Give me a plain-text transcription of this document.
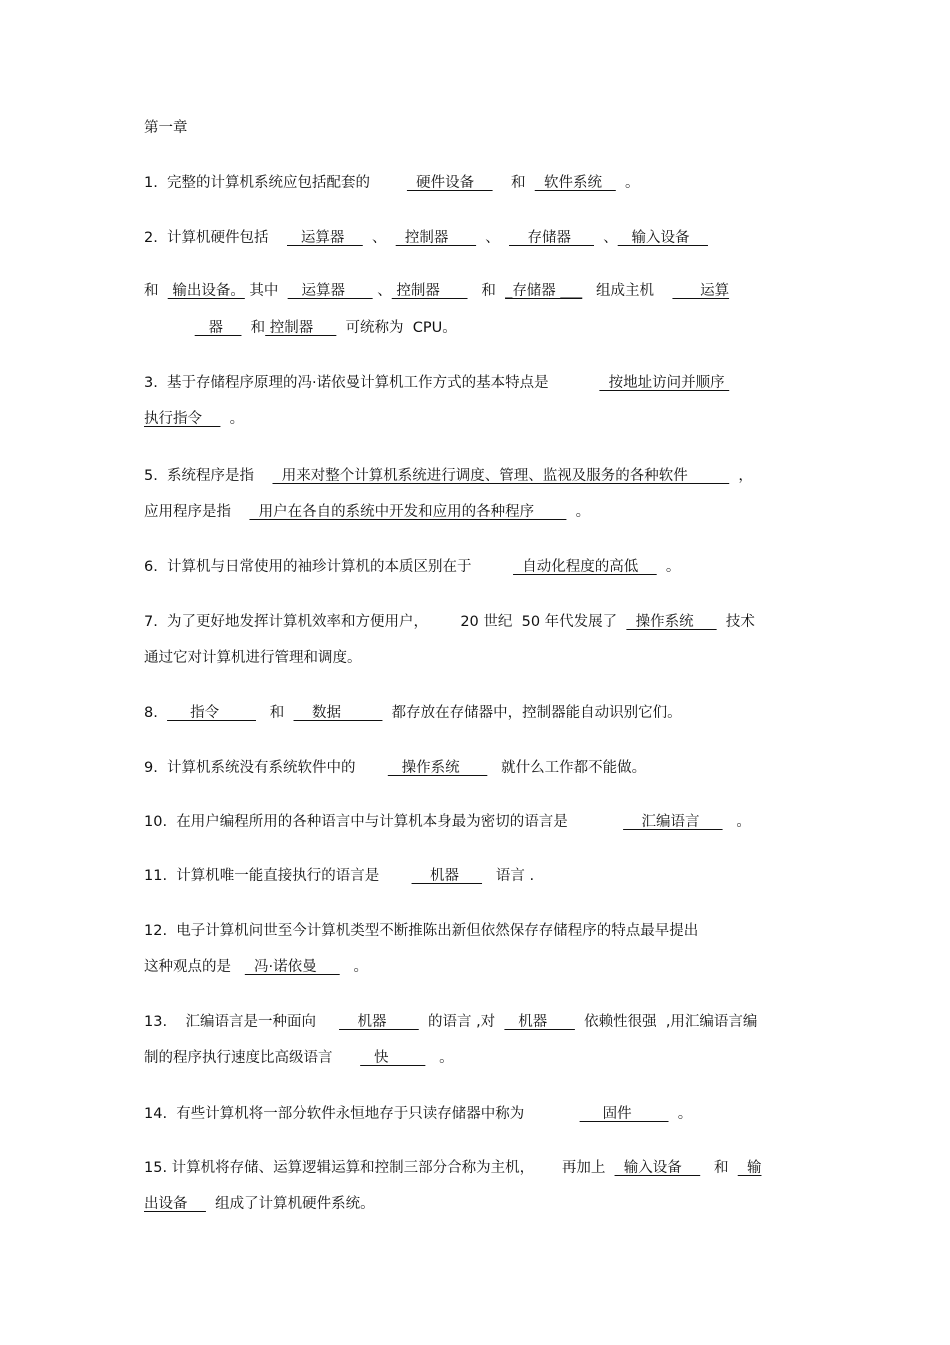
第一章
1.  完整的计算机系统应包括配套的          硬件设备        和    软件系统     。
2.  计算机硬件包括       运算器      、    控制器        、      存储器       、   输入设备
和   输出设备。 其中     运算器       、 控制器         和  _存储器 ___   组成主机          运算
器      和 控制器       可统称为  CPU。
3.  基于存储程序原理的冯·诺依曼计算机工作方式的基本特点是             按地址访问并顺序
执行指令      。
5.  系统程序是指      用来对整个计算机系统进行调度、管理、监视及服务的各种软件           ，
应用程序是指      用户在各自的系统中开发和应用的各种程序         。
6.  计算机与日常使用的袖珍计算机的本质区别在于           自动化程度的高低      。
7.  为了更好地发挥计算机效率和方便用户，       20 世纪  50 年代发展了    操作系统       技术
通过它对计算机进行管理和调度。
8.       指令           和      数据           都存放在存储器中，控制器能自动识别它们。
9.  计算机系统没有系统软件中的          操作系统         就什么工作都不能做。
10.  在用户编程所用的各种语言中与计算机本身最为密切的语言是                汇编语言        。
11.  计算机唯一能直接执行的语言是           机器        语言 .
12.  电子计算机问世至今计算机类型不断推陈出新但依然保存存储程序的特点最早提出
这种观点的是     冯·诺依曼        。
13.    汇编语言是一种面向         机器         的语言 ,对     机器        依赖性很强  ,用汇编语言编
制的程序执行速度比高级语言         快           。
14.  有些计算机将一部分软件永恒地存于只读存储器中称为                 固件          。
15. 计算机将存储、运算逻辑运算和控制三部分合称为主机，      再加上    输入设备       和    输
出设备      组成了计算机硬件系统。
